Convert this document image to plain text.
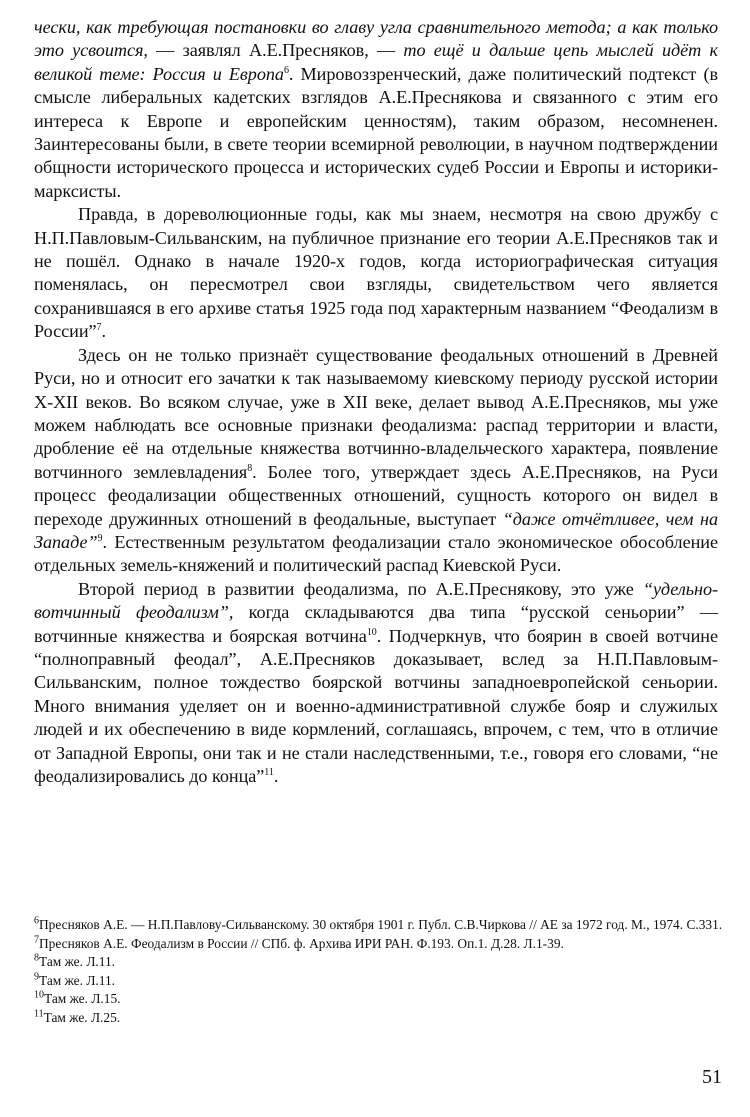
чески, как требующая постановки во главу угла сравнительного метода; а как только это усвоится, — заявлял А.Е.Пресняков, — то ещё и дальше цепь мыслей идёт к великой теме: Россия и Европа$^6$. Мировоззренческий, даже политический подтекст (в смысле либеральных кадетских взглядов А.Е.Преснякова и связанного с этим его интереса к Европе и европейским ценностям), таким образом, несомненен. Заинтересованы были, в свете теории всемирной революции, в научном подтверждении общности исторического процесса и исторических судеб России и Европы и историки-марксисты.

Правда, в дореволюционные годы, как мы знаем, несмотря на свою дружбу с Н.П.Павловым-Сильванским, на публичное признание его теории А.Е.Пресняков так и не пошёл. Однако в начале 1920-х годов, когда историографическая ситуация поменялась, он пересмотрел свои взгляды, свидетельством чего является сохранившаяся в его архиве статья 1925 года под характерным названием “Феодализм в России”$^7$.

Здесь он не только признаёт существование феодальных отношений в Древней Руси, но и относит его зачатки к так называемому киевскому периоду русской истории X-XII веков. Во всяком случае, уже в XII веке, делает вывод А.Е.Пресняков, мы уже можем наблюдать все основные признаки феодализма: распад территории и власти, дробление её на отдельные княжества вотчинно-владельческого характера, появление вотчинного землевладения$^8$. Более того, утверждает здесь А.Е.Пресняков, на Руси процесс феодализации общественных отношений, сущность которого он видел в переходе дружинных отношений в феодальные, выступает “даже отчётливее, чем на Западе”$^9$. Естественным результатом феодализации стало экономическое обособление отдельных земель-княжений и политический распад Киевской Руси.

Второй период в развитии феодализма, по А.Е.Преснякову, это уже “удельно-вотчинный феодализм”, когда складываются два типа “русской сеньории” — вотчинные княжества и боярская вотчина$^{10}$. Подчеркнув, что боярин в своей вотчине “полноправный феодал”, А.Е.Пресняков доказывает, вслед за Н.П.Павловым-Сильванским, полное тождество боярской вотчины западноевропейской сеньории. Много внимания уделяет он и военно-административной службе бояр и служилых людей и их обеспечению в виде кормлений, соглашаясь, впрочем, с тем, что в отличие от Западной Европы, они так и не стали наследственными, т.е., говоря его словами, “не феодализировались до конца”$^{11}$.

$^6$Пресняков А.Е. — Н.П.Павлову-Сильванскому. 30 октября 1901 г. Публ. С.В.Чиркова // АЕ за 1972 год. М., 1974. С.331.

$^7$Пресняков А.Е. Феодализм в России // СПб. ф. Архива ИРИ РАН. Ф.193. Оп.1. Д.28. Л.1-39.

$^8$Там же. Л.11.

$^9$Там же. Л.11.

$^{10}$Там же. Л.15.

$^{11}$Там же. Л.25.

51
